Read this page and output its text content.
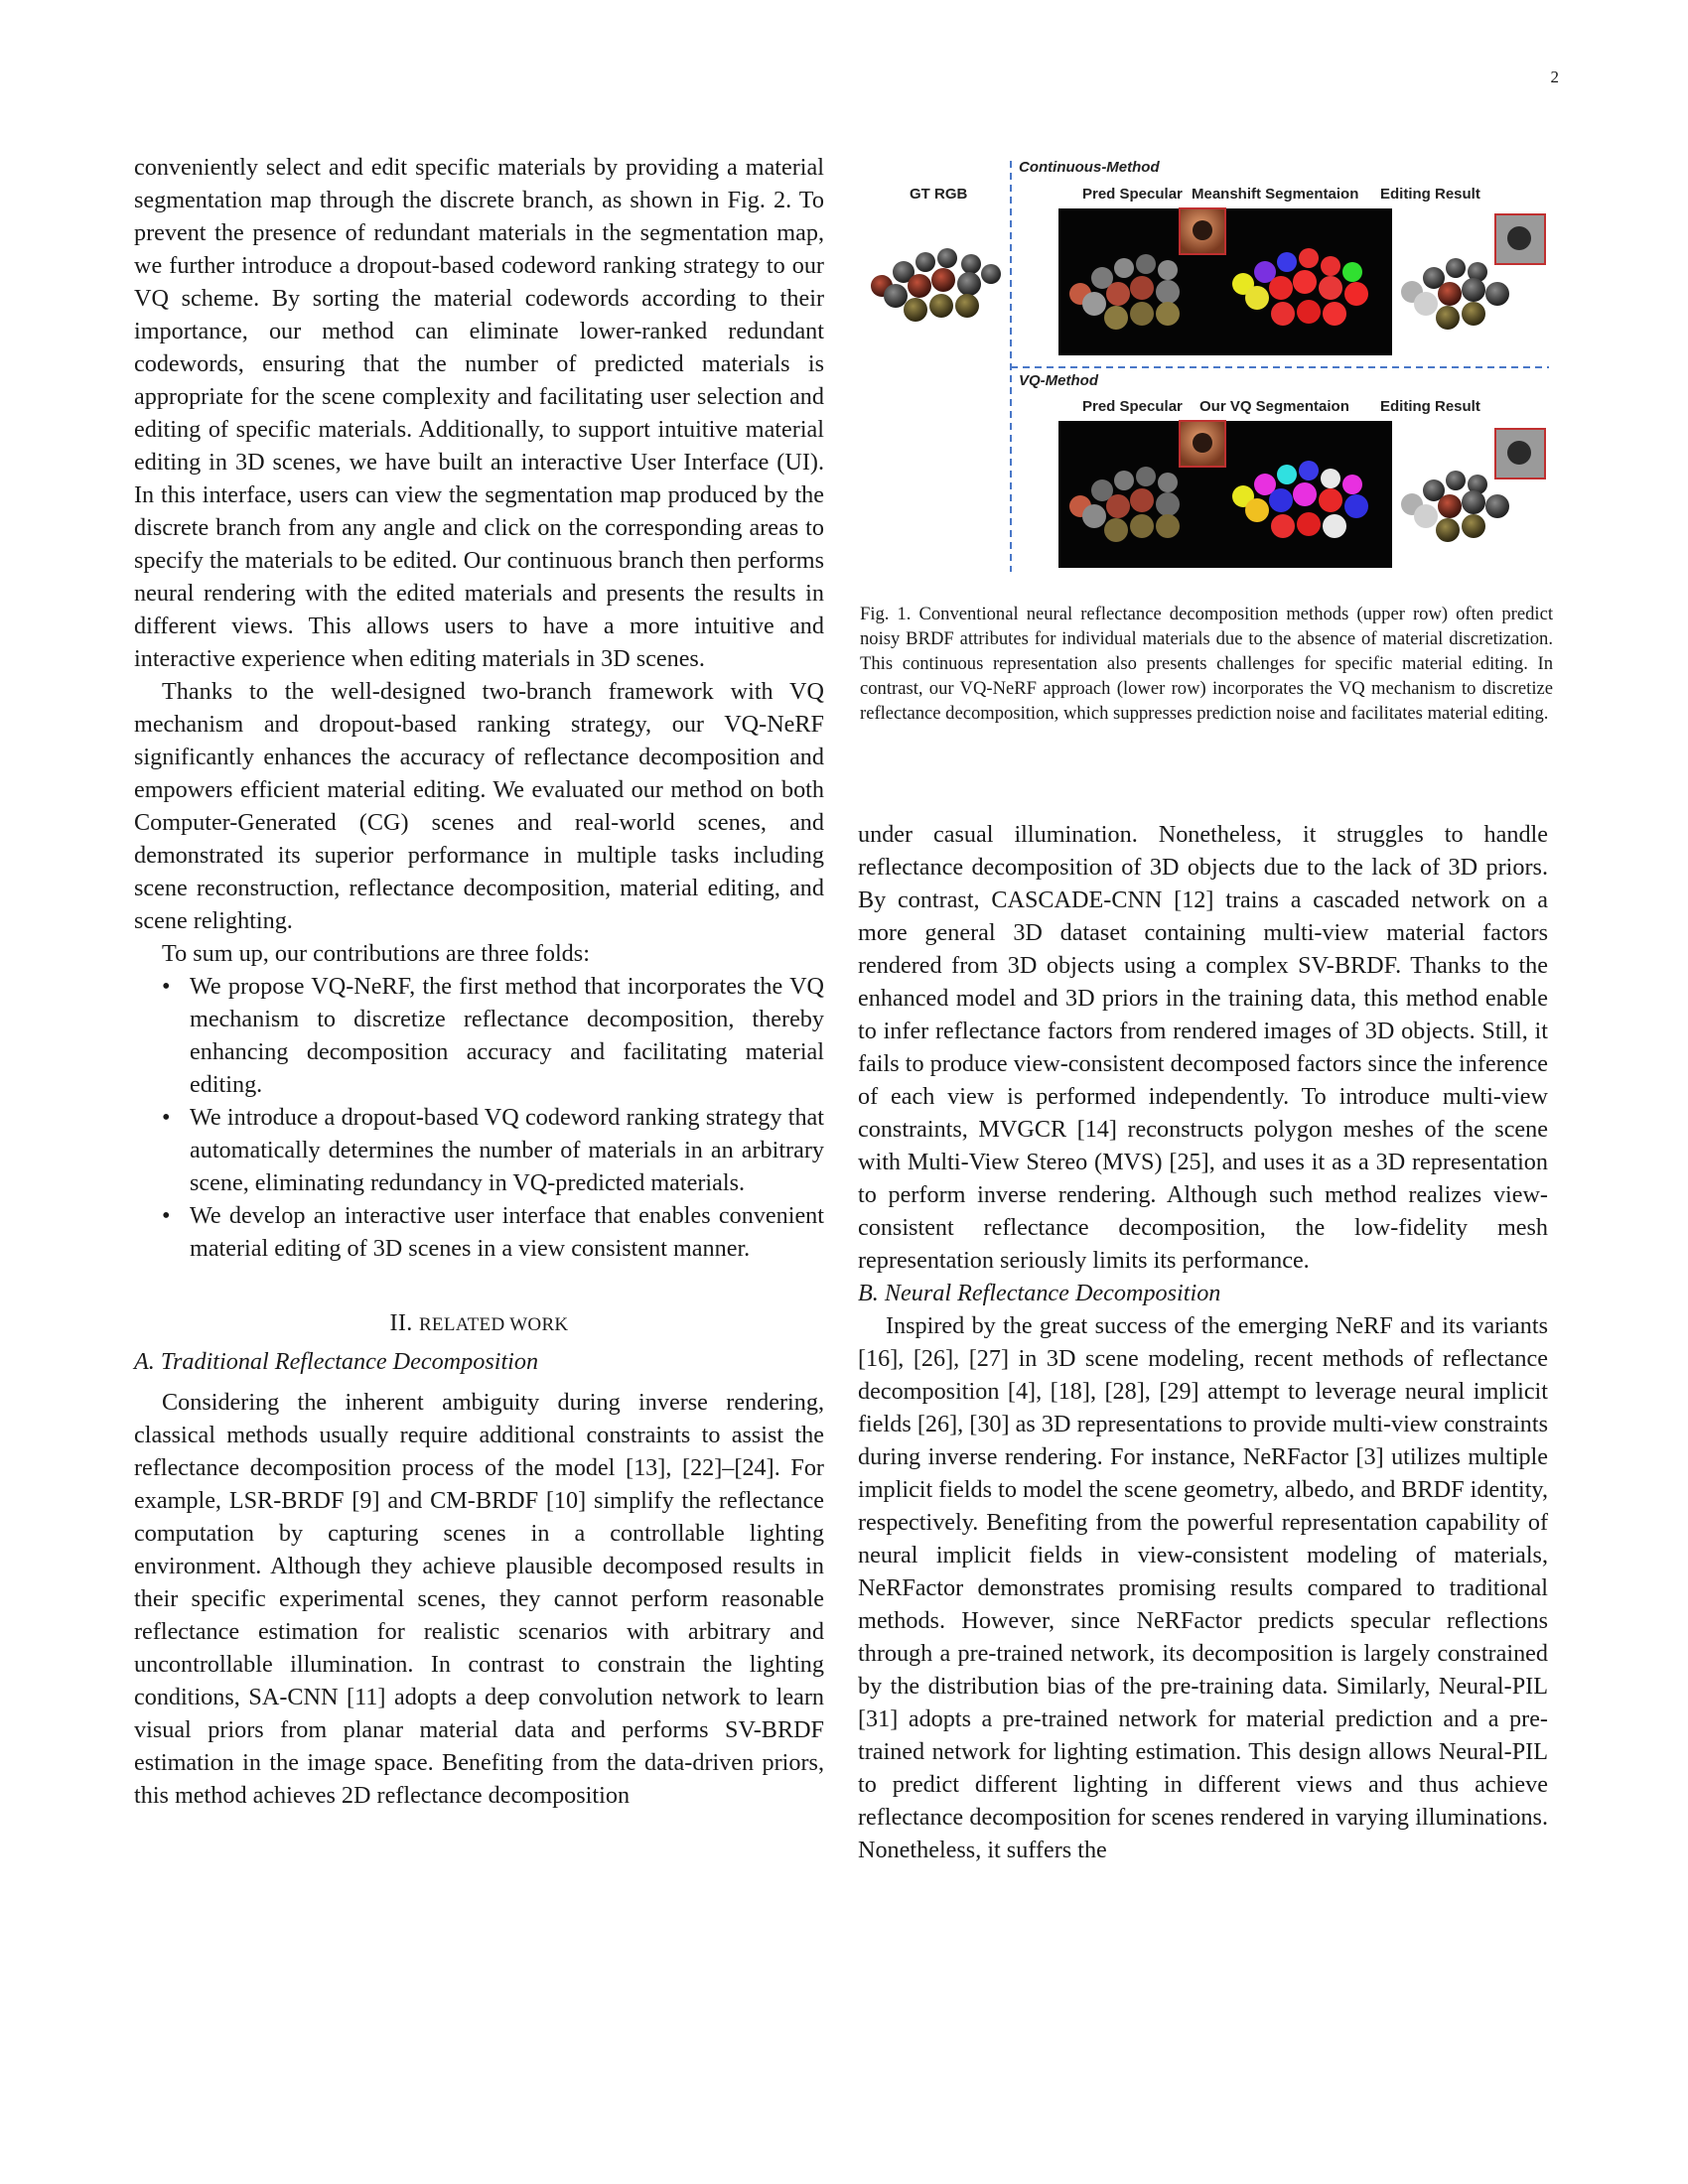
2

conveniently select and edit specific materials by providing a material segmentation map through the discrete branch, as shown in Fig. 2. To prevent the presence of redundant materials in the segmentation map, we further introduce a dropout-based codeword ranking strategy to our VQ scheme. By sorting the material codewords according to their importance, our method can eliminate lower-ranked redundant codewords, ensuring that the number of predicted materials is appropriate for the scene complexity and facilitating user selection and editing of specific materials. Additionally, to support intuitive material editing in 3D scenes, we have built an interactive User Interface (UI). In this interface, users can view the segmentation map produced by the discrete branch from any angle and click on the corresponding areas to specify the materials to be edited. Our continuous branch then performs neural rendering with the edited materials and presents the results in different views. This allows users to have a more intuitive and interactive experience when editing materials in 3D scenes.

Thanks to the well-designed two-branch framework with VQ mechanism and dropout-based ranking strategy, our VQ-NeRF significantly enhances the accuracy of reflectance decomposition and empowers efficient material editing. We evaluated our method on both Computer-Generated (CG) scenes and real-world scenes, and demonstrated its superior performance in multiple tasks including scene reconstruction, reflectance decomposition, material editing, and scene relighting.

To sum up, our contributions are three folds:

• We propose VQ-NeRF, the first method that incorporates the VQ mechanism to discretize reflectance decomposition, thereby enhancing decomposition accuracy and facilitating material editing.
• We introduce a dropout-based VQ codeword ranking strategy that automatically determines the number of materials in an arbitrary scene, eliminating redundancy in VQ-predicted materials.
• We develop an interactive user interface that enables convenient material editing of 3D scenes in a view consistent manner.
II. RELATED WORK

A. Traditional Reflectance Decomposition

Considering the inherent ambiguity during inverse rendering, classical methods usually require additional constraints to assist the reflectance decomposition process of the model [13], [22]–[24]. For example, LSR-BRDF [9] and CM-BRDF [10] simplify the reflectance computation by capturing scenes in a controllable lighting environment. Although they achieve plausible decomposed results in their specific experimental scenes, they cannot perform reasonable reflectance estimation for realistic scenarios with arbitrary and uncontrollable illumination. In contrast to constrain the lighting conditions, SA-CNN [11] adopts a deep convolution network to learn visual priors from planar material data and performs SV-BRDF estimation in the image space. Benefiting from the data-driven priors, this method achieves 2D reflectance decomposition

Continuous-Method
GT RGB	Pred Specular Meanshift Segmentaion Editing Result
VQ-Method
Pred Specular Our VQ Segmentaion Editing Result
Fig. 1. Conventional neural reflectance decomposition methods (upper row) often predict noisy BRDF attributes for individual materials due to the absence of material discretization. This continuous representation also presents challenges for specific material editing. In contrast, our VQ-NeRF approach (lower row) incorporates the VQ mechanism to discretize reflectance decomposition, which suppresses prediction noise and facilitates material editing.

under casual illumination. Nonetheless, it struggles to handle reflectance decomposition of 3D objects due to the lack of 3D priors. By contrast, CASCADE-CNN [12] trains a cascaded network on a more general 3D dataset containing multi-view material factors rendered from 3D objects using a complex SV-BRDF. Thanks to the enhanced model and 3D priors in the training data, this method enable to infer reflectance factors from rendered images of 3D objects. Still, it fails to produce view-consistent decomposed factors since the inference of each view is performed independently. To introduce multi-view constraints, MVGCR [14] reconstructs polygon meshes of the scene with Multi-View Stereo (MVS) [25], and uses it as a 3D representation to perform inverse rendering. Although such method realizes view-consistent reflectance decomposition, the low-fidelity mesh representation seriously limits its performance.

B. Neural Reflectance Decomposition

Inspired by the great success of the emerging NeRF and its variants [16], [26], [27] in 3D scene modeling, recent methods of reflectance decomposition [4], [18], [28], [29] attempt to leverage neural implicit fields [26], [30] as 3D representations to provide multi-view constraints during inverse rendering. For instance, NeRFactor [3] utilizes multiple implicit fields to model the scene geometry, albedo, and BRDF identity, respectively. Benefiting from the powerful representation capability of neural implicit fields in view-consistent modeling of materials, NeRFactor demonstrates promising results compared to traditional methods. However, since NeRFactor predicts specular reflections through a pre-trained network, its decomposition is largely constrained by the distribution bias of the pre-training data. Similarly, Neural-PIL [31] adopts a pre-trained network for material prediction and a pre-trained network for lighting estimation. This design allows Neural-PIL to predict different lighting in different views and thus achieve reflectance decomposition for scenes rendered in varying illuminations. Nonetheless, it suffers the
